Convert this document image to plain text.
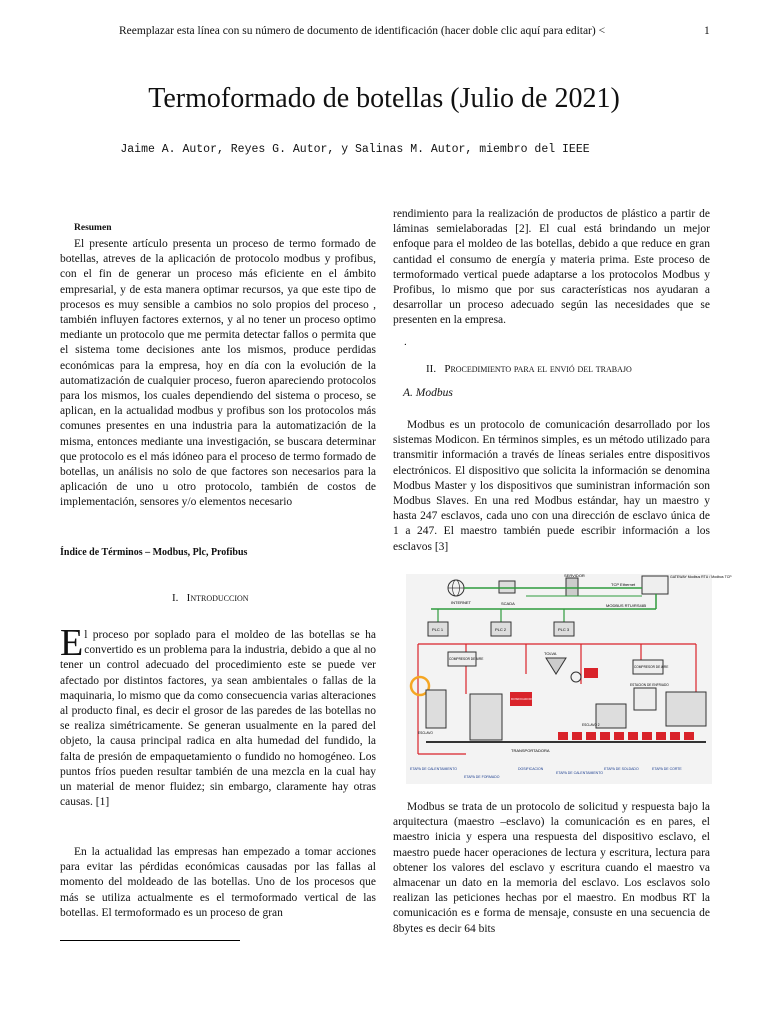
Reemplazar esta línea con su número de documento de identificación (hacer doble clic aquí para editar) <	1
Termoformado de botellas (Julio de 2021)
Jaime A. Autor, Reyes G. Autor, y Salinas M. Autor, miembro del IEEE
Resumen

El presente artículo presenta un proceso de termo formado de botellas, atreves de la aplicación de protocolo modbus y profibus, con el fin de generar un proceso más eficiente en el ámbito empresarial, y de esta manera optimar recursos, ya que este tipo de procesos es muy sensible a cambios no solo propios del proceso , también influyen factores externos, y al no tener un proceso optimo mediante un protocolo que me permita detectar fallos o permita que el sistema tome decisiones ante los mismos, produce perdidas económicas para la empresa, hoy en día con la evolución de la automatización de cualquier proceso, fueron apareciendo protocolos para los mismos, los cuales dependiendo del sistema o proceso, se aplican, en la actualidad modbus y profibus son los protocolos más comunes presentes en una industria para la automatización de la misma, entonces mediante una investigación, se buscara determinar que protocolo es el más idóneo para el proceso de termo formado de botellas, un análisis no solo de que factores son necesarios para la aplicación de uno u otro protocolo, también de costos de implementación, sensores y/o elementos necesario

Índice de Términos – Modbus, Plc, Profibus
I. Introduccion

El proceso por soplado para el moldeo de las botellas se ha convertido es un problema para la industria, debido a que al no tener un control adecuado del procedimiento este se puede ver afectado por distintos factores, ya sean ambientales o fallas de la maquinaria, lo mismo que da como consecuencia varias alteraciones al producto final, es decir el grosor de las paredes de las botellas no se realiza simétricamente. Se generan usualmente en la pared del objeto, la causa principal radica en alta humedad del fundido, la falta de presión de empaquetamiento o fundido no homogéneo. Los puntos fríos pueden resultar también de una mezcla en la cual hay un material de menor fluidez; sin embargo, claramente hay otras causas. [1]

En la actualidad las empresas han empezado a tomar acciones para evitar las pérdidas económicas causadas por las fallas al momento del moldeado de las botellas. Uno de los procesos que más se utiliza actualmente es el termoformado vertical de las botellas. El termoformado es un proceso de gran

rendimiento para la realización de productos de plástico a partir de láminas semielaboradas [2]. El cual está brindando un mejor enfoque para el moldeo de las botellas, debido a que reduce en gran cantidad el consumo de energía y materia prima. Este proceso de termoformado vertical puede adaptarse a los protocolos Modbus y Profibus, lo mismo que por sus características nos ayudaran a desarrollar un proceso adecuado según las necesidades que se presenten en la empresa.

.
II. Procedimiento para el envió del trabajo
A. Modbus

Modbus es un protocolo de comunicación desarrollado por los sistemas Modicon. En términos simples, es un método utilizado para transmitir información a través de líneas seriales entre dispositivos electrónicos. El dispositivo que solicita la información se denomina Modbus Master y los dispositivos que suministran información son Modbus Slaves. En una red Modbus estándar, hay un maestro y hasta 247 esclavos, cada uno con una dirección de esclavo única de 1 a 247. El maestro también puede escribir información a los esclavos [3]

INTERNET	SCADA
SERVIDOR	GATEWAY Modbus RTU / Modbus TCP
TCP Ethernet
MODBUS RTU/RS485
PLC 1	PLC 2	PLC 3
COMPRESOR DE AIRE
TOLVA
DOSIFICADOR
COMPRESOR DE AIRE
ESTACION DE ENFRIADO
TRANSPORTADORA
ESCLAVO
ESCLAVO 2
ETAPA DE CALENTAMIENTO
ETAPA DE FORMADO
DOSIFICACION
ETAPA DE CALENTAMIENTO
ETAPA DE SOLDADO	ETAPA DE CORTE

Modbus se trata de un protocolo de solicitud y respuesta bajo la arquitectura (maestro –esclavo) la comunicación es en pares, el maestro inicia y espera una respuesta del dispositivo esclavo, el maestro puede hacer operaciones de lectura y escritura, lectura para obtener los valores del esclavo y escritura cuando el maestro va almacenar un dato en la memoria del esclavo. Los esclavos solo realizan las peticiones hechas por el maestro. En modbus RT la comunicación es e forma de mensaje, consuste en una secuencia de 8bytes es decir 64 bits
